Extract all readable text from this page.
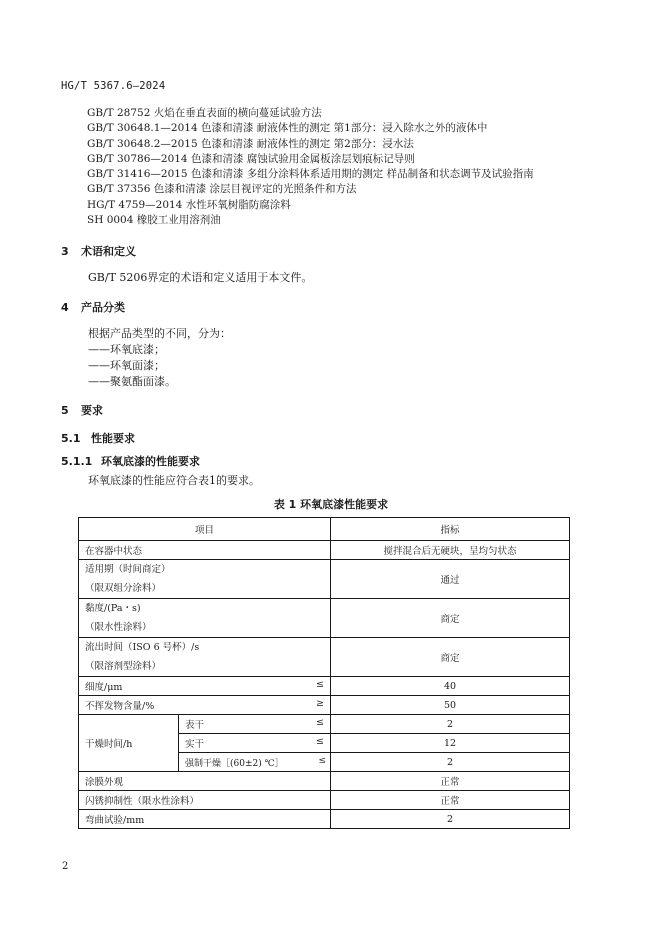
HG/T 5367.6—2024
GB/T 28752 火焰在垂直表面的横向蔓延试验方法
GB/T 30648.1—2014 色漆和清漆 耐液体性的测定 第1部分：浸入除水之外的液体中
GB/T 30648.2—2015 色漆和清漆 耐液体性的测定 第2部分：浸水法
GB/T 30786—2014 色漆和清漆 腐蚀试验用金属板涂层划痕标记导则
GB/T 31416—2015 色漆和清漆 多组分涂料体系适用期的测定 样品制备和状态调节及试验指南
GB/T 37356 色漆和清漆 涂层目视评定的光照条件和方法
HG/T 4759—2014 水性环氧树脂防腐涂料
SH 0004 橡胶工业用溶剂油
3 术语和定义
GB/T 5206界定的术语和定义适用于本文件。
4 产品分类
根据产品类型的不同，分为：
——环氧底漆；
——环氧面漆；
——聚氨酯面漆。
5 要求
5.1 性能要求
5.1.1 环氧底漆的性能要求
环氧底漆的性能应符合表1的要求。
表 1 环氧底漆性能要求
项目		指标
在容器中状态		搅拌混合后无硬块，呈均匀状态

适用期（时间商定）
（限双组分涂料）		通过

黏度/(Pa・s)
（限水性涂料）		商定

流出时间（ISO 6 号杯）/s
（限溶剂型涂料）		商定
细度/μm ≤		40
不挥发物含量/% ≥		50
干燥时间/h	表干 ≤	2
	实干 ≤	12
	强制干燥［(60±2) ℃］ ≤	2
涂膜外观		正常
闪锈抑制性（限水性涂料）		正常
弯曲试验/mm		2
2
